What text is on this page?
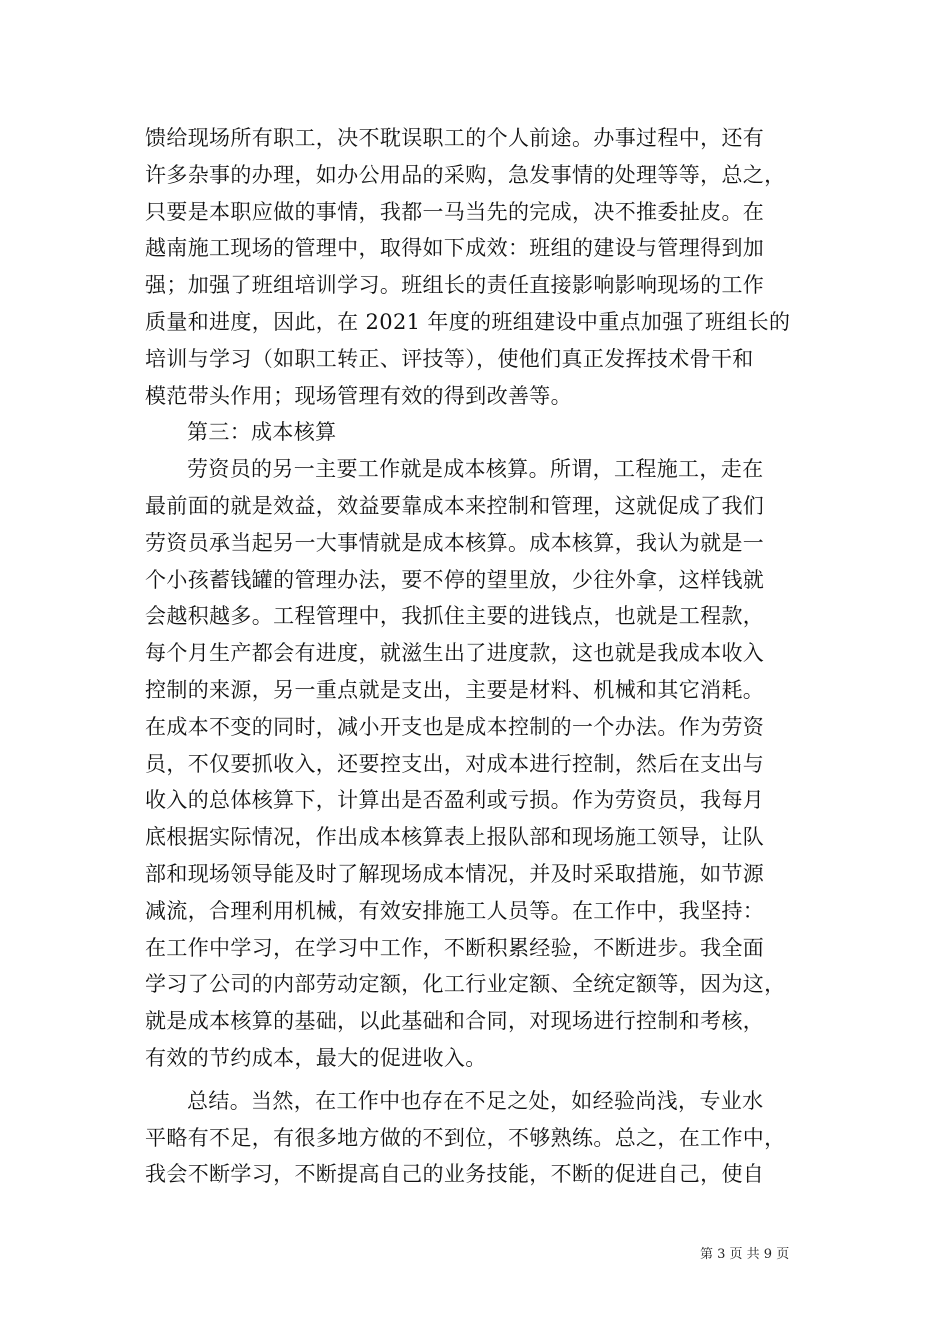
馈给现场所有职工，决不耽误职工的个人前途。办事过程中，还有
许多杂事的办理，如办公用品的采购，急发事情的处理等等，总之，
只要是本职应做的事情，我都一马当先的完成，决不推委扯皮。在
越南施工现场的管理中，取得如下成效：班组的建设与管理得到加
强；加强了班组培训学习。班组长的责任直接影响影响现场的工作
质量和进度，因此，在 2021 年度的班组建设中重点加强了班组长的
培训与学习（如职工转正、评技等），使他们真正发挥技术骨干和
模范带头作用；现场管理有效的得到改善等。
第三：成本核算
劳资员的另一主要工作就是成本核算。所谓，工程施工，走在
最前面的就是效益，效益要靠成本来控制和管理，这就促成了我们
劳资员承当起另一大事情就是成本核算。成本核算，我认为就是一
个小孩蓄钱罐的管理办法，要不停的望里放，少往外拿，这样钱就
会越积越多。工程管理中，我抓住主要的进钱点，也就是工程款，
每个月生产都会有进度，就滋生出了进度款，这也就是我成本收入
控制的来源，另一重点就是支出，主要是材料、机械和其它消耗。
在成本不变的同时，减小开支也是成本控制的一个办法。作为劳资
员，不仅要抓收入，还要控支出，对成本进行控制，然后在支出与
收入的总体核算下，计算出是否盈利或亏损。作为劳资员，我每月
底根据实际情况，作出成本核算表上报队部和现场施工领导，让队
部和现场领导能及时了解现场成本情况，并及时采取措施，如节源
减流，合理利用机械，有效安排施工人员等。在工作中，我坚持：
在工作中学习，在学习中工作，不断积累经验，不断进步。我全面
学习了公司的内部劳动定额，化工行业定额、全统定额等，因为这，
就是成本核算的基础，以此基础和合同，对现场进行控制和考核，
有效的节约成本，最大的促进收入。
总结。当然，在工作中也存在不足之处，如经验尚浅，专业水
平略有不足，有很多地方做的不到位，不够熟练。总之，在工作中，
我会不断学习，不断提高自己的业务技能，不断的促进自己，使自
第 3 页 共 9 页
